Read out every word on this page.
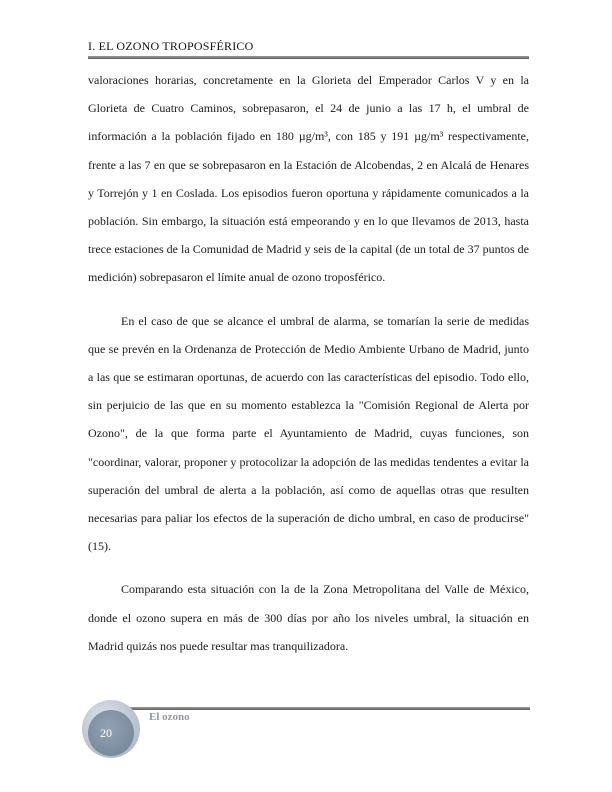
I. EL OZONO TROPOSFÉRICO

valoraciones horarias, concretamente en la Glorieta del Emperador Carlos V y en la Glorieta de Cuatro Caminos, sobrepasaron, el 24 de junio a las 17 h, el umbral de información a la población fijado en 180 µg/m³, con 185 y 191 µg/m³ respectivamente, frente a las 7 en que se sobrepasaron en la Estación de Alcobendas, 2 en Alcalá de Henares y Torrejón y 1 en Coslada. Los episodios fueron oportuna y rápidamente comunicados a la población. Sin embargo, la situación está empeorando y en lo que llevamos de 2013, hasta trece estaciones de la Comunidad de Madrid y seis de la capital (de un total de 37 puntos de medición) sobrepasaron el límite anual de ozono troposférico.

En el caso de que se alcance el umbral de alarma, se tomarían la serie de medidas que se prevén en la Ordenanza de Protección de Medio Ambiente Urbano de Madrid, junto a las que se estimaran oportunas, de acuerdo con las características del episodio. Todo ello, sin perjuicio de las que en su momento establezca la "Comisión Regional de Alerta por Ozono", de la que forma parte el Ayuntamiento de Madrid, cuyas funciones, son "coordinar, valorar, proponer y protocolizar la adopción de las medidas tendentes a evitar la superación del umbral de alerta a la población, así como de aquellas otras que resulten necesarias para paliar los efectos de la superación de dicho umbral, en caso de producirse" (15).

Comparando esta situación con la de la Zona Metropolitana del Valle de México, donde el ozono supera en más de 300 días por año los niveles umbral, la situación en Madrid quizás nos puede resultar mas tranquilizadora.

El ozono
20
